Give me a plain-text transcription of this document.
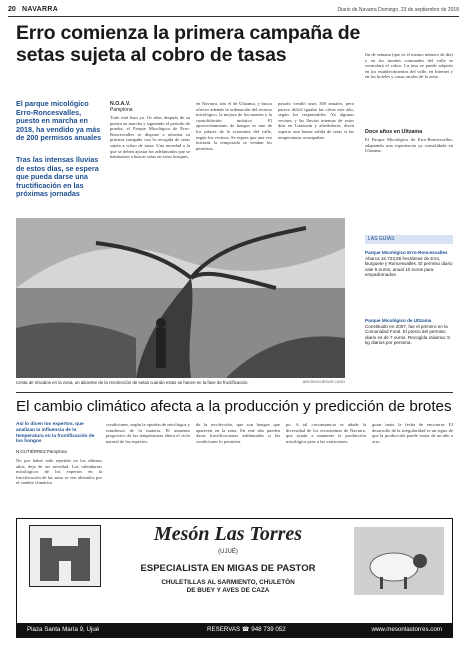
20 NAVARRA	Diario de Navarra Domingo, 23 de septiembre de 2018
Erro comienza la primera campaña de setas sujeta al cobro de tasas
El parque micológico Erro-Roncesvalles, puesto en marcha en 2018, ha vendido ya más de 200 permisos anuales
Tras las intensas lluvias de estos días, se espera que pueda darse una fructificación en las próximas jornadas
N.O.A.V.
Pamplona
Todo está listo ya. Os años después de su puesta en marcha y siguiendo el periodo de prueba, el Parque Micológico de Erro-Roncesvalles se dispone a afrontar su primera campaña con la recogida de setas sujeta a cobro de tasas. Una novedad a la que se deben ajustar los adelantados que se habituaron a buscar setas en estos bosques.
en Navarra, tras el de Ultzama, y busca ofrecer además la ordenación del recurso micológico, la mejora de los montes y la consolidación turística. El aprovechamiento de hongos es uno de los pilares de la economía del valle, según los vecinos. Se espera que una vez iniciada la temporada se vendan los permisos.
pasado vendió unos 300 anuales, pero parece difícil igualar las cifras este año, según los responsables. Ya algunos vecinos y las lluvias intensas de estos días en Lintzoain y alrededores, dicen esperar una buena salida de setas si las temperaturas acompañan.
fin de semana (que es el mismo número de día) y en los montes comunales del valle se controlará el cobro. La tasa se puede adquirir en los establecimientos del valle, en Internet y en los hoteles y casas rurales de la zona.
Cesta de níscalos en la zona, un aliciente de la recolección de setas cuando estas se hacen en la fase de fructificación.	ARCHIVO/JESÚS CASO
Doce años en Ultzama
El Parque Micológico de Erro-Roncesvalles, adaptando una experiencia ya consolidada en Ultzama.
LAS GUÍAS
Parque Micológico Erro-Roncesvalles Abarca 15.723,85 hectáreas de Erro, Burguete y Roncesvalles. El permiso diario vale 5 euros, anual 10 euros para empadronados.
Parque Micológico de Ultzama Constituido en 2007, fue el primero en la Comunidad Foral. El precio del permiso diario es de 7 euros. Recogida máxima: 8 kg diarios por persona.
El cambio climático afecta a la producción y predicción de brotes
Así lo dicen los expertos, que analizan la influencia de la temperatura en la fructificación de los hongos
N.GUTIÉRREZ Pamplona
No por haber sido repetido en los últimos años, deja de ser novedad. Los calendarios micológicos de los expertos en la fructificación de las setas se ven alterados por el cambio climático.
condiciones, según la opinión de micólogos y estudiosos de la materia. El aumento progresivo de las temperaturas altera el ciclo natural de las especies.
de la recolección, que son hongos que aparecen en la zona. En este año pueden darse fructificaciones adelantadas si las condiciones lo permiten.
po. A tal circunstancia se añade la diversidad de los ecosistemas de Navarra, que ayuda a mantener la producción micológica pese a las variaciones.
guiar tanto la fecha de encontrar. El desarrollo de la irregularidad es un signo de que la producción puede variar de un año a otro.
Mesón Las Torres
(UJUÉ)
ESPECIALISTA EN MIGAS DE PASTOR
CHULETILLAS AL SARMIENTO, CHULETÓN
DE BUEY Y AVES DE CAZA
Plaza Santa María 9, Ujué	RESERVAS ☎ 948 739 052	www.mesonlastorres.com
